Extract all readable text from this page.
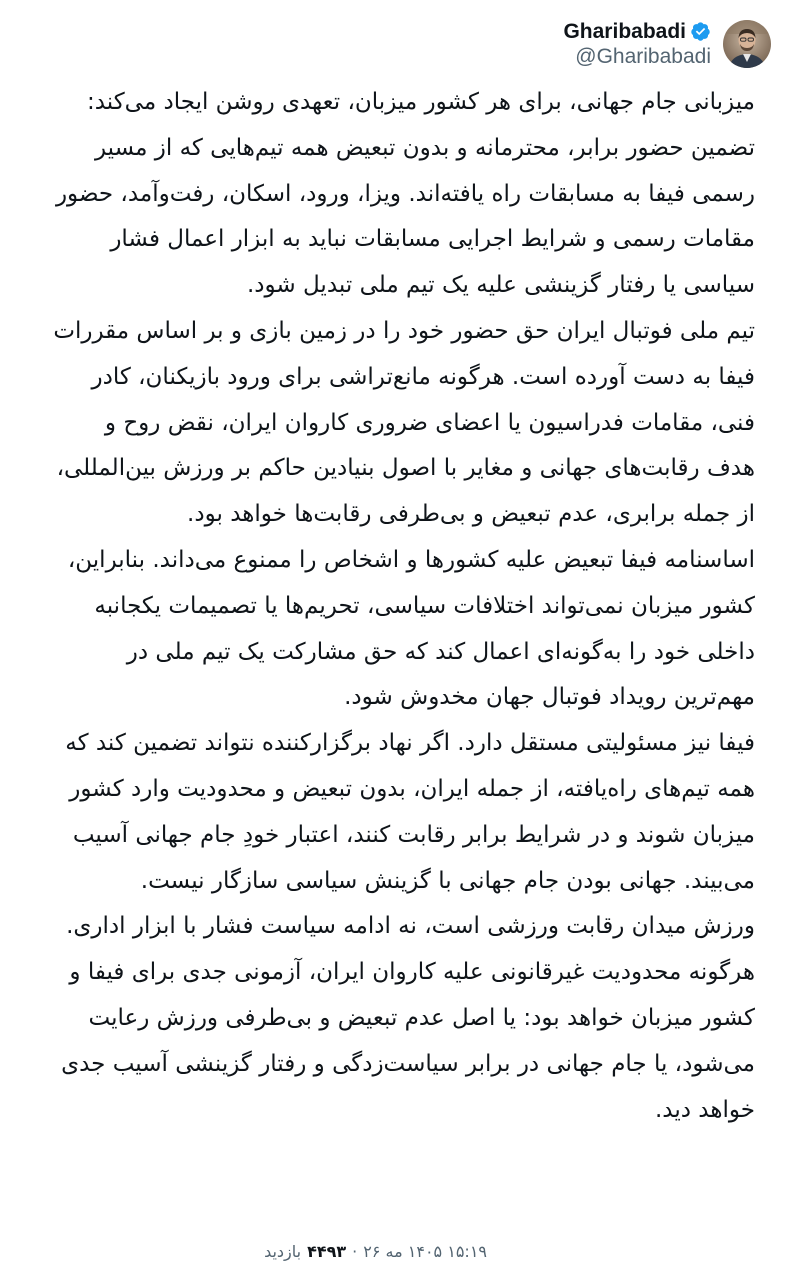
Gharibabadi
@Gharibabadi

میزبانی جام جهانی، برای هر کشور میزبان، تعهدی روشن ایجاد می‌کند: تضمین حضور برابر، محترمانه و بدون تبعیض همه تیم‌هایی که از مسیر رسمی فیفا به مسابقات راه یافته‌اند. ویزا، ورود، اسکان، رفت‌وآمد، حضور مقامات رسمی و شرایط اجرایی مسابقات نباید به ابزار اعمال فشار سیاسی یا رفتار گزینشی علیه یک تیم ملی تبدیل شود.

تیم ملی فوتبال ایران حق حضور خود را در زمین بازی و بر اساس مقررات فیفا به دست آورده است. هرگونه مانع‌تراشی برای ورود بازیکنان، کادر فنی، مقامات فدراسیون یا اعضای ضروری کاروان ایران، نقض روح و هدف رقابت‌های جهانی و مغایر با اصول بنیادین حاکم بر ورزش بین‌المللی، از جمله برابری، عدم تبعیض و بی‌طرفی رقابت‌ها خواهد بود.

اساسنامه فیفا تبعیض علیه کشورها و اشخاص را ممنوع می‌داند. بنابراین، کشور میزبان نمی‌تواند اختلافات سیاسی، تحریم‌ها یا تصمیمات یکجانبه داخلی خود را به‌گونه‌ای اعمال کند که حق مشارکت یک تیم ملی در مهم‌ترین رویداد فوتبال جهان مخدوش شود.

فیفا نیز مسئولیتی مستقل دارد. اگر نهاد برگزارکننده نتواند تضمین کند که همه تیم‌های راه‌یافته، از جمله ایران، بدون تبعیض و محدودیت وارد کشور میزبان شوند و در شرایط برابر رقابت کنند، اعتبار خودِ جام جهانی آسیب می‌بیند. جهانی بودن جام جهانی با گزینش سیاسی سازگار نیست.

ورزش میدان رقابت ورزشی است، نه ادامه سیاست فشار با ابزار اداری. هرگونه محدودیت غیرقانونی علیه کاروان ایران، آزمونی جدی برای فیفا و کشور میزبان خواهد بود: یا اصل عدم تبعیض و بی‌طرفی ورزش رعایت می‌شود، یا جام جهانی در برابر سیاست‌زدگی و رفتار گزینشی آسیب جدی خواهد دید.

۱۵:۱۹ ۱۴۰۵ مه ۲۶
·
۴۴۹۳
بازدید
